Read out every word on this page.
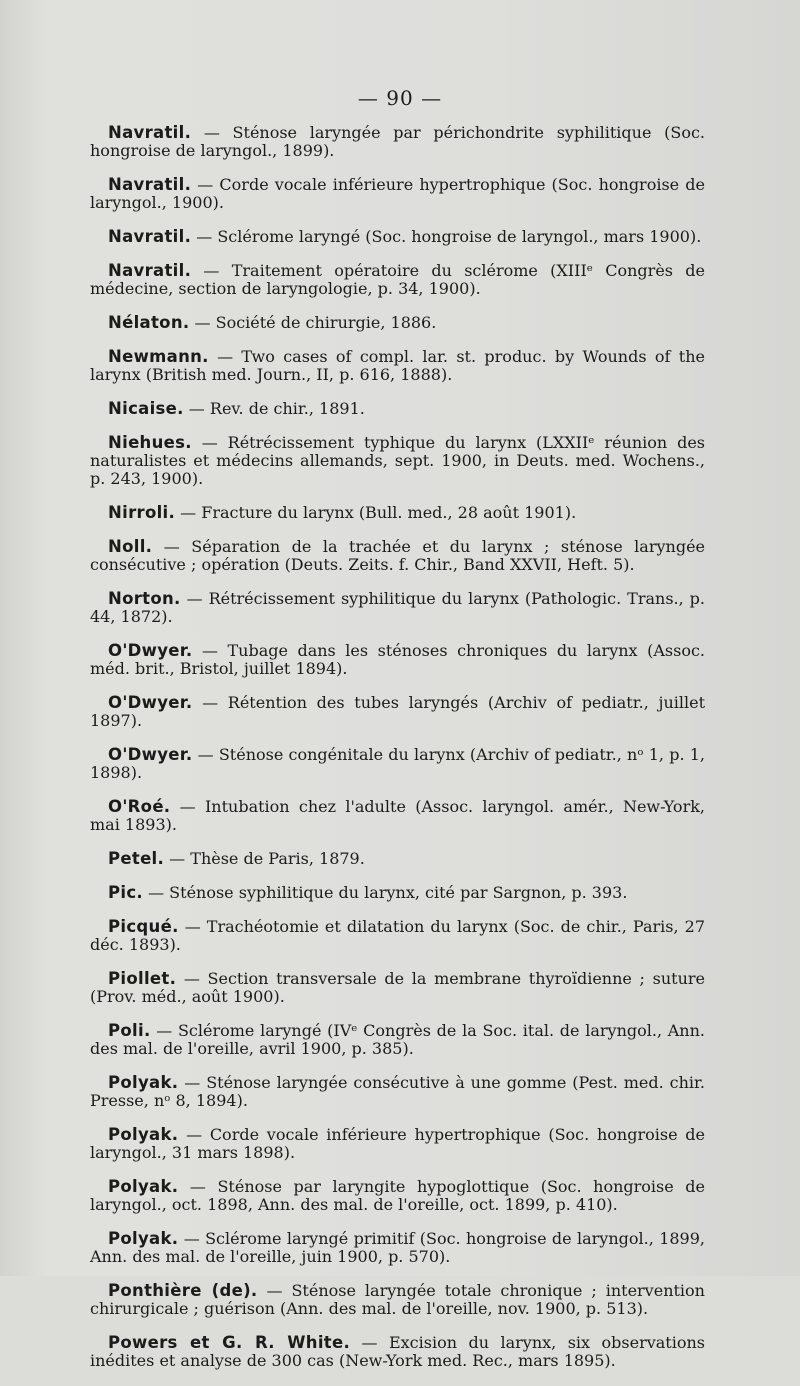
— 90 —

Navratil. — Sténose laryngée par périchondrite syphilitique (Soc. hongroise de laryngol., 1899).

Navratil. — Corde vocale inférieure hypertrophique (Soc. hongroise de laryngol., 1900).

Navratil. — Sclérome laryngé (Soc. hongroise de laryngol., mars 1900).

Navratil. — Traitement opératoire du sclérome (XIIIᵉ Congrès de médecine, section de laryngologie, p. 34, 1900).

Nélaton. — Société de chirurgie, 1886.

Newmann. — Two cases of compl. lar. st. produc. by Wounds of the larynx (British med. Journ., II, p. 616, 1888).

Nicaise. — Rev. de chir., 1891.

Niehues. — Rétrécissement typhique du larynx (LXXIIᵉ réunion des naturalistes et médecins allemands, sept. 1900, in Deuts. med. Wochens., p. 243, 1900).

Nirroli. — Fracture du larynx (Bull. med., 28 août 1901).

Noll. — Séparation de la trachée et du larynx ; sténose laryngée consécutive ; opération (Deuts. Zeits. f. Chir., Band XXVII, Heft. 5).

Norton. — Rétrécissement syphilitique du larynx (Pathologic. Trans., p. 44, 1872).

O'Dwyer. — Tubage dans les sténoses chroniques du larynx (Assoc. méd. brit., Bristol, juillet 1894).

O'Dwyer. — Rétention des tubes laryngés (Archiv of pediatr., juillet 1897).

O'Dwyer. — Sténose congénitale du larynx (Archiv of pediatr., nᵒ 1, p. 1, 1898).

O'Roé. — Intubation chez l'adulte (Assoc. laryngol. amér., New-York, mai 1893).

Petel. — Thèse de Paris, 1879.

Pic. — Sténose syphilitique du larynx, cité par Sargnon, p. 393.

Picqué. — Trachéotomie et dilatation du larynx (Soc. de chir., Paris, 27 déc. 1893).

Piollet. — Section transversale de la membrane thyroïdienne ; suture (Prov. méd., août 1900).

Poli. — Sclérome laryngé (IVᵉ Congrès de la Soc. ital. de laryngol., Ann. des mal. de l'oreille, avril 1900, p. 385).

Polyak. — Sténose laryngée consécutive à une gomme (Pest. med. chir. Presse, nᵒ 8, 1894).

Polyak. — Corde vocale inférieure hypertrophique (Soc. hongroise de laryngol., 31 mars 1898).

Polyak. — Sténose par laryngite hypoglottique (Soc. hongroise de laryngol., oct. 1898, Ann. des mal. de l'oreille, oct. 1899, p. 410).

Polyak. — Sclérome laryngé primitif (Soc. hongroise de laryngol., 1899, Ann. des mal. de l'oreille, juin 1900, p. 570).

Ponthière (de). — Sténose laryngée totale chronique ; intervention chirurgicale ; guérison (Ann. des mal. de l'oreille, nov. 1900, p. 513).

Powers et G. R. White. — Excision du larynx, six observations inédites et analyse de 300 cas (New-York med. Rec., mars 1895).
